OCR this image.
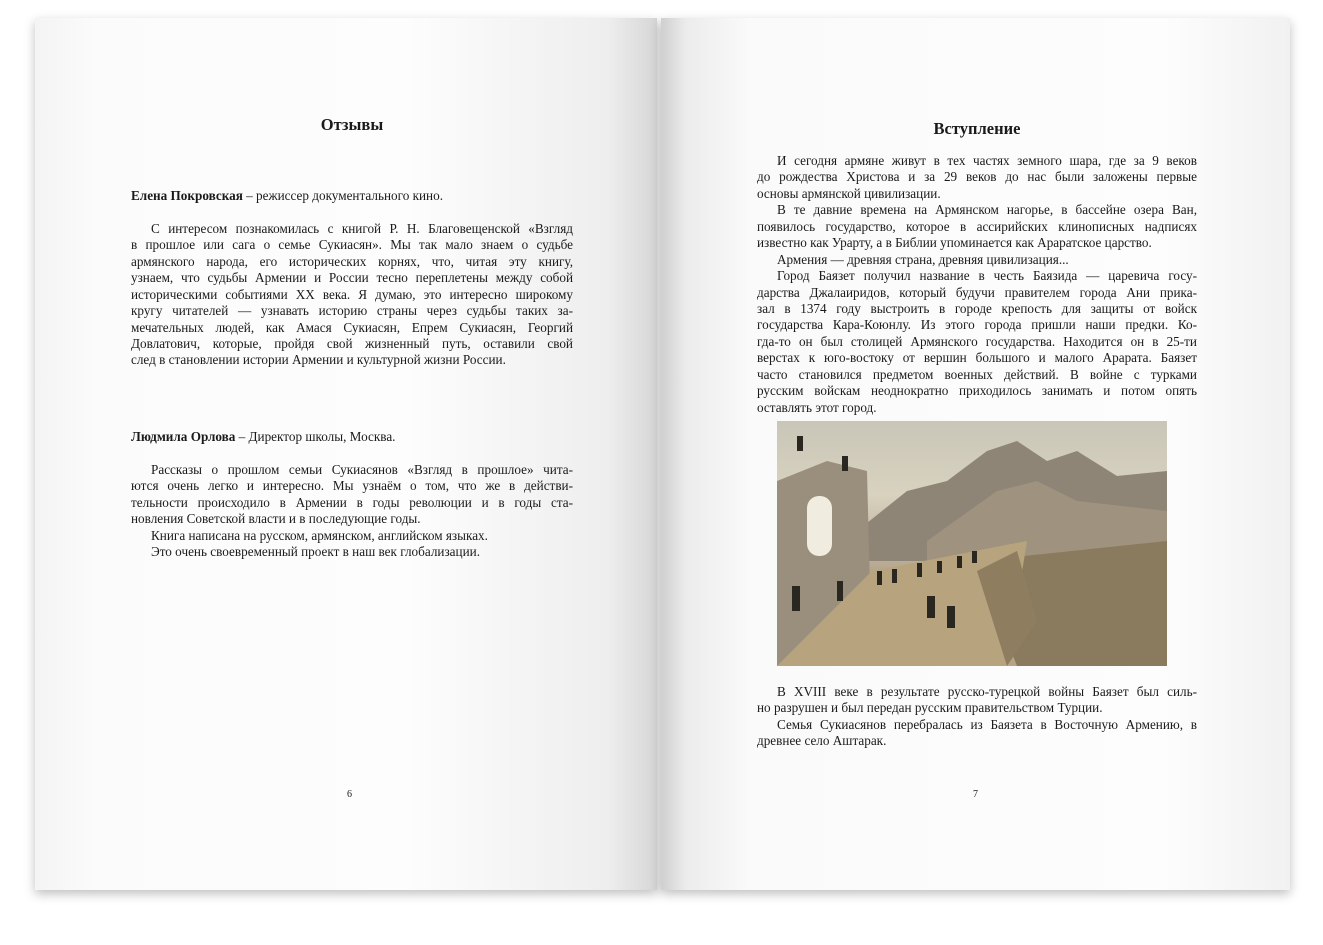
Отзывы
Елена Покровская – режиссер документального кино.
С интересом познакомилась с книгой Р. Н. Благовещенской «Взгляд
в прошлое или сага о семье Сукиасян». Мы так мало знаем о судьбе
армянского народа, его исторических корнях, что, читая эту книгу,
узнаем, что судьбы Армении и России тесно переплетены между собой
историческими событиями XX века. Я думаю, это интересно широкому
кругу читателей — узнавать историю страны через судьбы таких за-
мечательных людей, как Амася Сукиасян, Епрем Сукиасян, Георгий
Довлатович, которые, пройдя свой жизненный путь, оставили свой
след в становлении истории Армении и культурной жизни России.
Людмила Орлова – Директор школы, Москва.
Рассказы о прошлом семьи Сукиасянов «Взгляд в прошлое» чита-
ются очень легко и интересно. Мы узнаём о том, что же в действи-
тельности происходило в Армении в годы революции и в годы ста-
новления Советской власти и в последующие годы.
Книга написана на русском, армянском, английском языках.
Это очень своевременный проект в наш век глобализации.
6
Вступление
И сегодня армяне живут в тех частях земного шара, где за 9 веков
до рождества Христова и за 29 веков до нас были заложены первые
основы армянской цивилизации.
В те давние времена на Армянском нагорье, в бассейне озера Ван,
появилось государство, которое в ассирийских клинописных надписях
известно как Урарту, а в Библии упоминается как Араратское царство.
Армения — древняя страна, древняя цивилизация...
Город Баязет получил название в честь Баязида — царевича госу-
дарства Джалаиридов, который будучи правителем города Ани прика-
зал в 1374 году выстроить в городе крепость для защиты от войск
государства Кара-Коюнлу. Из этого города пришли наши предки. Ко-
гда-то он был столицей Армянского государства. Находится он в 25-ти
верстах к юго-востоку от вершин большого и малого Арарата. Баязет
часто становился предметом военных действий. В войне с турками
русским войскам неоднократно приходилось занимать и потом опять
оставлять этот город.
В XVIII веке в результате русско-турецкой войны Баязет был силь-
но разрушен и был передан русским правительством Турции.
Семья Сукиасянов перебралась из Баязета в Восточную Армению, в
древнее село Аштарак.
7
